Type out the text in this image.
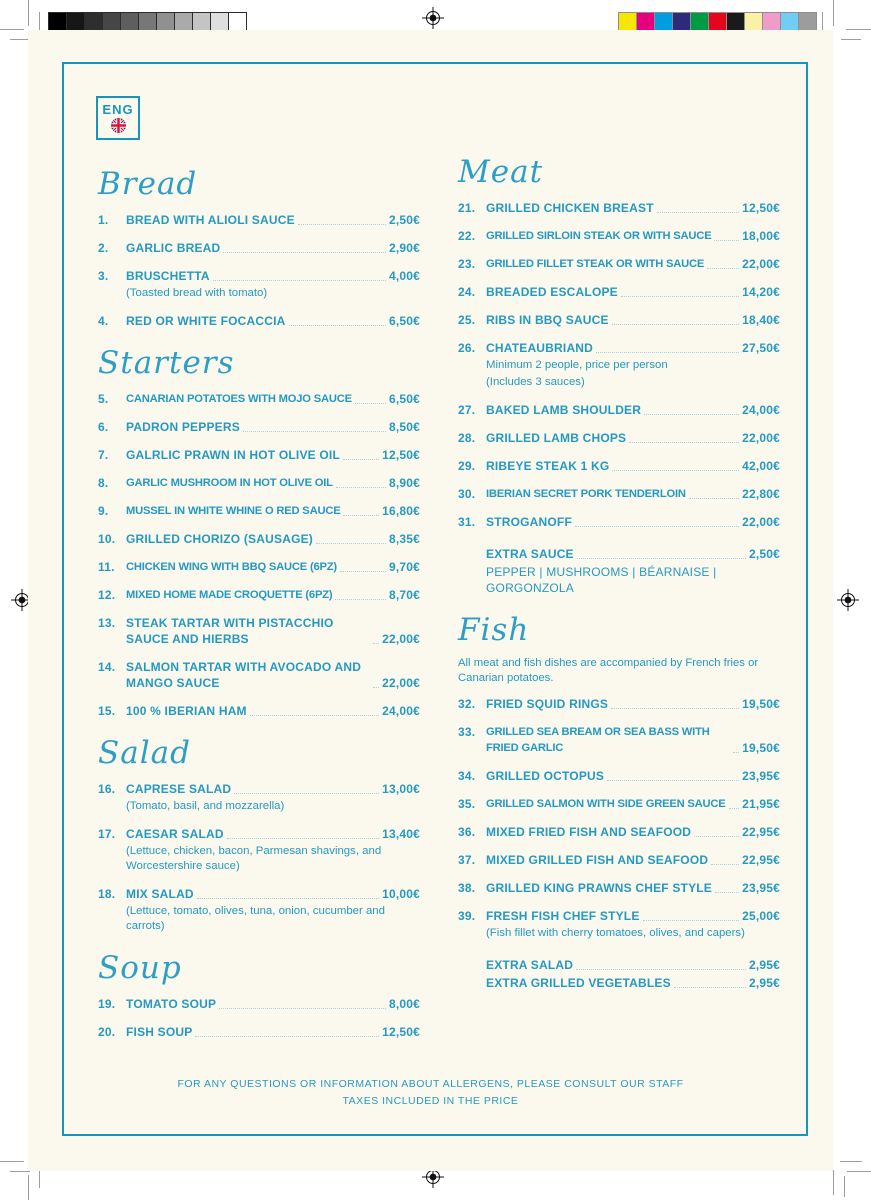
ENG
Bread
1.	BREAD WITH ALIOLI SAUCE	2,50€
2.	GARLIC BREAD	2,90€
3.	BRUSCHETTA	4,00€
(Toasted bread with tomato)
4.	RED OR WHITE FOCACCIA	6,50€
Starters
5.	CANARIAN POTATOES WITH MOJO SAUCE	6,50€
6.	PADRON PEPPERS	8,50€
7.	GALRLIC PRAWN IN HOT OLIVE OIL	12,50€
8.	GARLIC MUSHROOM IN HOT OLIVE OIL	8,90€
9.	MUSSEL IN WHITE WHINE O RED SAUCE	16,80€
10. GRILLED CHORIZO (SAUSAGE)	8,35€
11.	CHICKEN WING WITH BBQ SAUCE (6PZ)	9,70€
12. MIXED HOME MADE CROQUETTE (6PZ)	8,70€
13. STEAK TARTAR WITH PISTACCHIO SAUCE AND HIERBS	22,00€
14. SALMON TARTAR WITH AVOCADO AND MANGO SAUCE	22,00€
15. 100 % IBERIAN HAM	24,00€
Salad
16. CAPRESE SALAD	13,00€
(Tomato, basil, and mozzarella)
17. CAESAR SALAD	13,40€
(Lettuce, chicken, bacon, Parmesan shavings, and Worcestershire sauce)
18. MIX SALAD	10,00€
(Lettuce, tomato, olives, tuna, onion, cucumber and carrots)
Soup
19. TOMATO SOUP	8,00€
20. FISH SOUP	12,50€
Meat
21. GRILLED CHICKEN BREAST	12,50€
22. GRILLED SIRLOIN STEAK OR WITH SAUCE	18,00€
23. GRILLED FILLET STEAK OR WITH SAUCE	22,00€
24. BREADED ESCALOPE	14,20€
25. RIBS IN BBQ SAUCE	18,40€
26. CHATEAUBRIAND	27,50€
Minimum 2 people, price per person
(Includes 3 sauces)
27. BAKED LAMB SHOULDER	24,00€
28. GRILLED LAMB CHOPS	22,00€
29. RIBEYE STEAK 1 KG	42,00€
30. IBERIAN SECRET PORK TENDERLOIN	22,80€
31. STROGANOFF	22,00€
EXTRA SAUCE	2,50€
PEPPER | MUSHROOMS | BÉARNAISE | GORGONZOLA
Fish
All meat and fish dishes are accompanied by French fries or Canarian potatoes.
32. FRIED SQUID RINGS	19,50€
33. GRILLED SEA BREAM OR SEA BASS WITH FRIED GARLIC	19,50€
34. GRILLED OCTOPUS	23,95€
35. GRILLED SALMON WITH SIDE GREEN SAUCE 21,95€
36. MIXED FRIED FISH AND SEAFOOD	22,95€
37. MIXED GRILLED FISH AND SEAFOOD	22,95€
38. GRILLED KING PRAWNS CHEF STYLE	23,95€
39. FRESH FISH CHEF STYLE	25,00€
(Fish fillet with cherry tomatoes, olives, and capers)
EXTRA SALAD	2,95€
EXTRA GRILLED VEGETABLES	2,95€
FOR ANY QUESTIONS OR INFORMATION ABOUT ALLERGENS, PLEASE CONSULT OUR STAFF
TAXES INCLUDED IN THE PRICE
